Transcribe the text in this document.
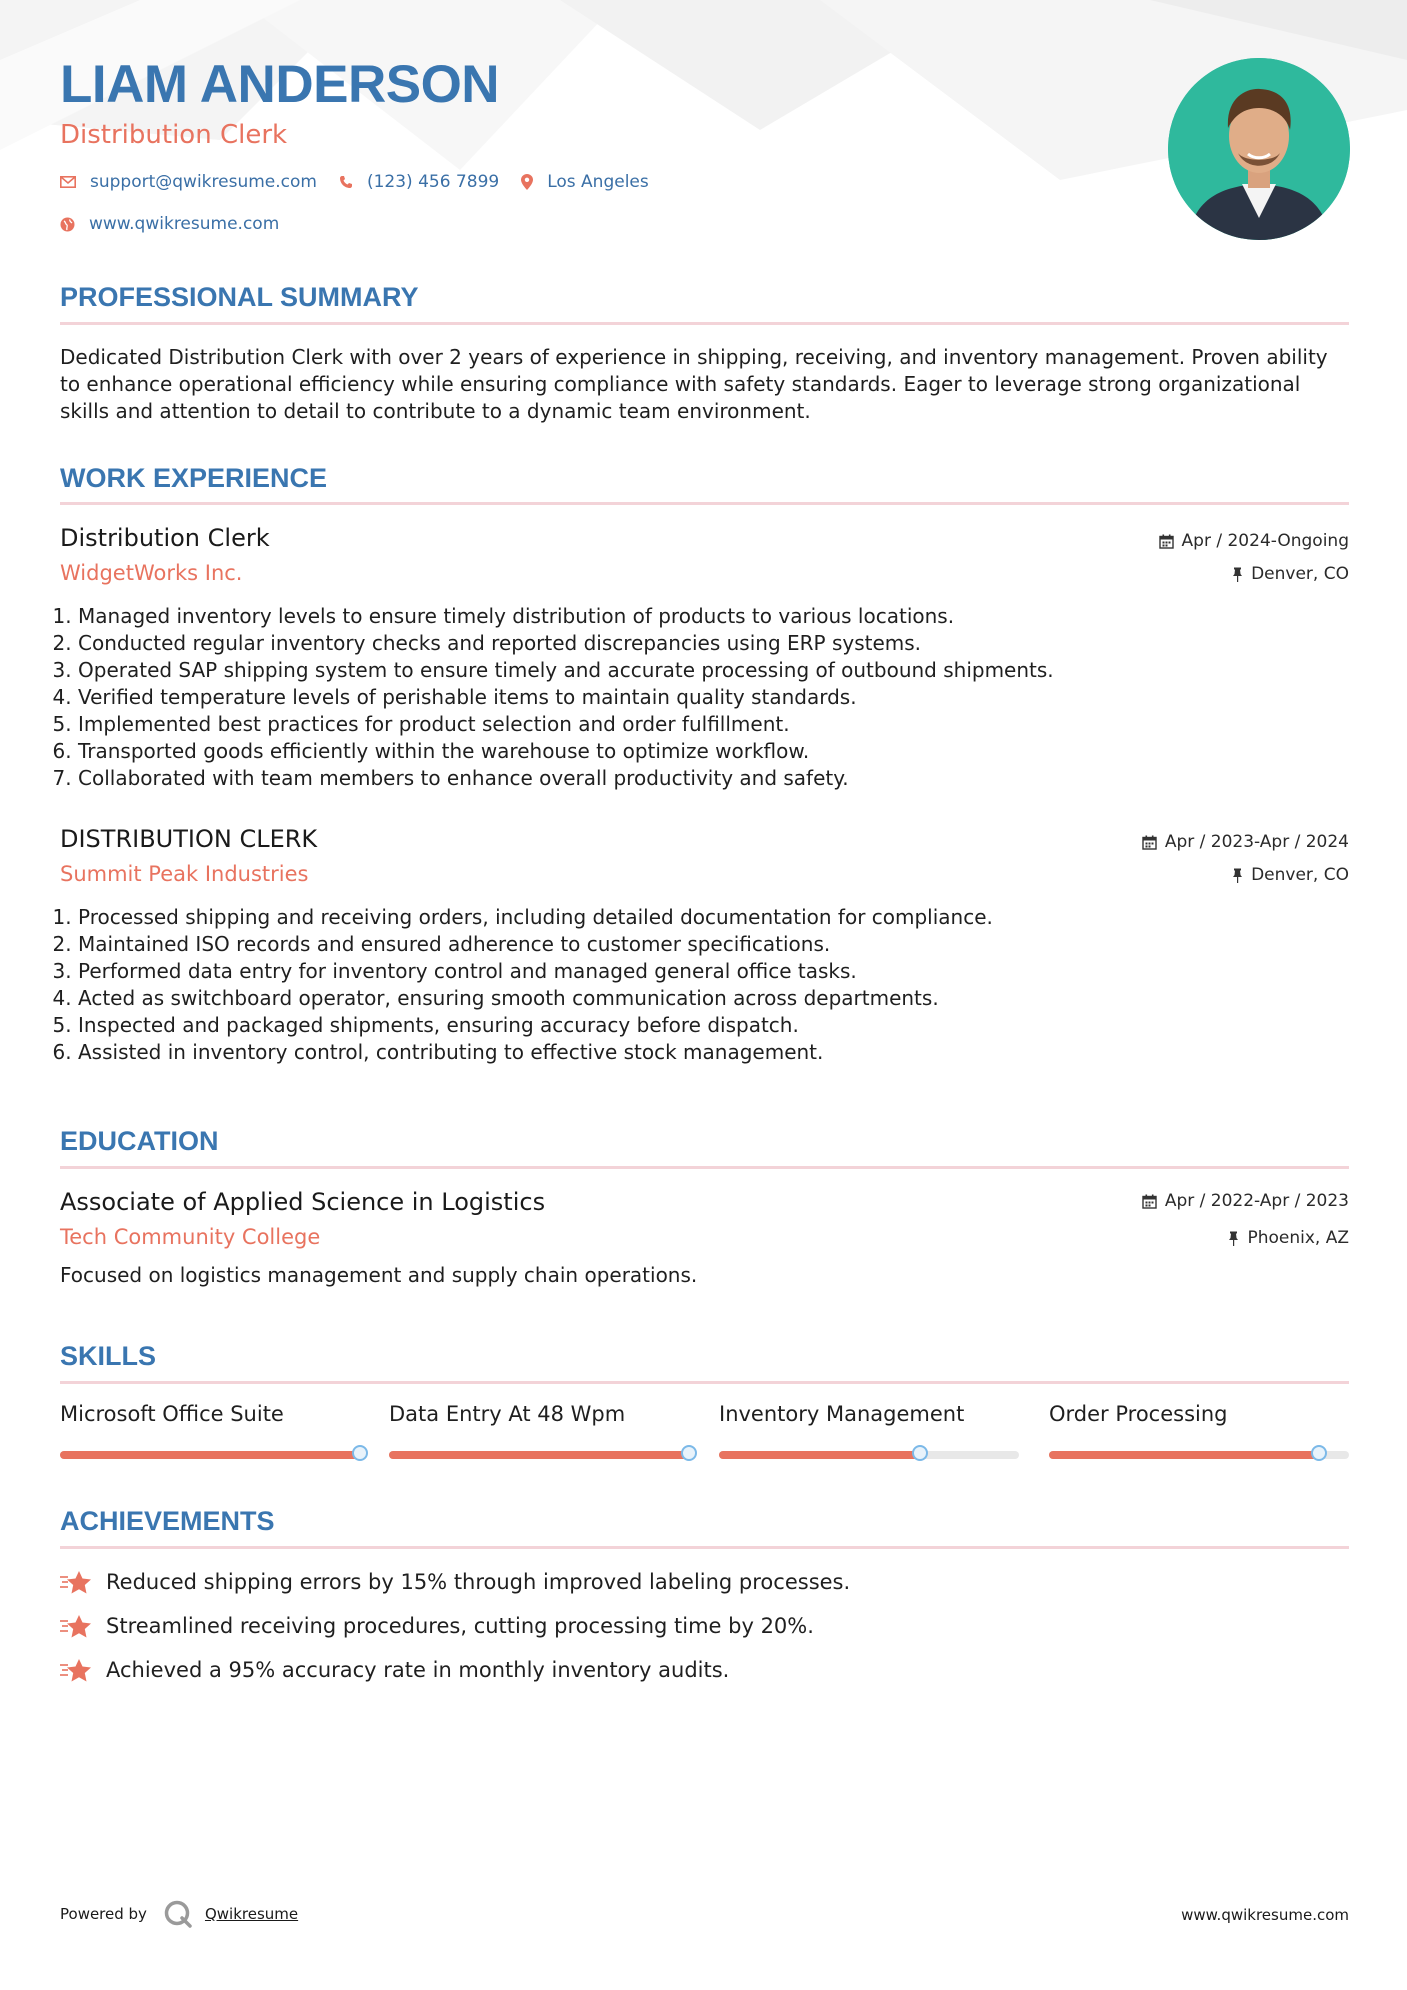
LIAM ANDERSON
Distribution Clerk
support@qwikresume.com	(123) 456 7899	Los Angeles
www.qwikresume.com
PROFESSIONAL SUMMARY
Dedicated Distribution Clerk with over 2 years of experience in shipping, receiving, and inventory management. Proven ability to enhance operational efficiency while ensuring compliance with safety standards. Eager to leverage strong organizational skills and attention to detail to contribute to a dynamic team environment.
WORK EXPERIENCE
Distribution Clerk	Apr / 2024-Ongoing
WidgetWorks Inc.	Denver, CO
1. Managed inventory levels to ensure timely distribution of products to various locations.
2. Conducted regular inventory checks and reported discrepancies using ERP systems.
3. Operated SAP shipping system to ensure timely and accurate processing of outbound shipments.
4. Verified temperature levels of perishable items to maintain quality standards.
5. Implemented best practices for product selection and order fulfillment.
6. Transported goods efficiently within the warehouse to optimize workflow.
7. Collaborated with team members to enhance overall productivity and safety.
DISTRIBUTION CLERK	Apr / 2023-Apr / 2024
Summit Peak Industries	Denver, CO
1. Processed shipping and receiving orders, including detailed documentation for compliance.
2. Maintained ISO records and ensured adherence to customer specifications.
3. Performed data entry for inventory control and managed general office tasks.
4. Acted as switchboard operator, ensuring smooth communication across departments.
5. Inspected and packaged shipments, ensuring accuracy before dispatch.
6. Assisted in inventory control, contributing to effective stock management.
EDUCATION
Associate of Applied Science in Logistics	Apr / 2022-Apr / 2023
Tech Community College	Phoenix, AZ
Focused on logistics management and supply chain operations.
SKILLS
Microsoft Office Suite	Data Entry At 48 Wpm	Inventory Management	Order Processing
ACHIEVEMENTS
Reduced shipping errors by 15% through improved labeling processes.
Streamlined receiving procedures, cutting processing time by 20%.
Achieved a 95% accuracy rate in monthly inventory audits.
Powered by	Qwikresume	www.qwikresume.com
